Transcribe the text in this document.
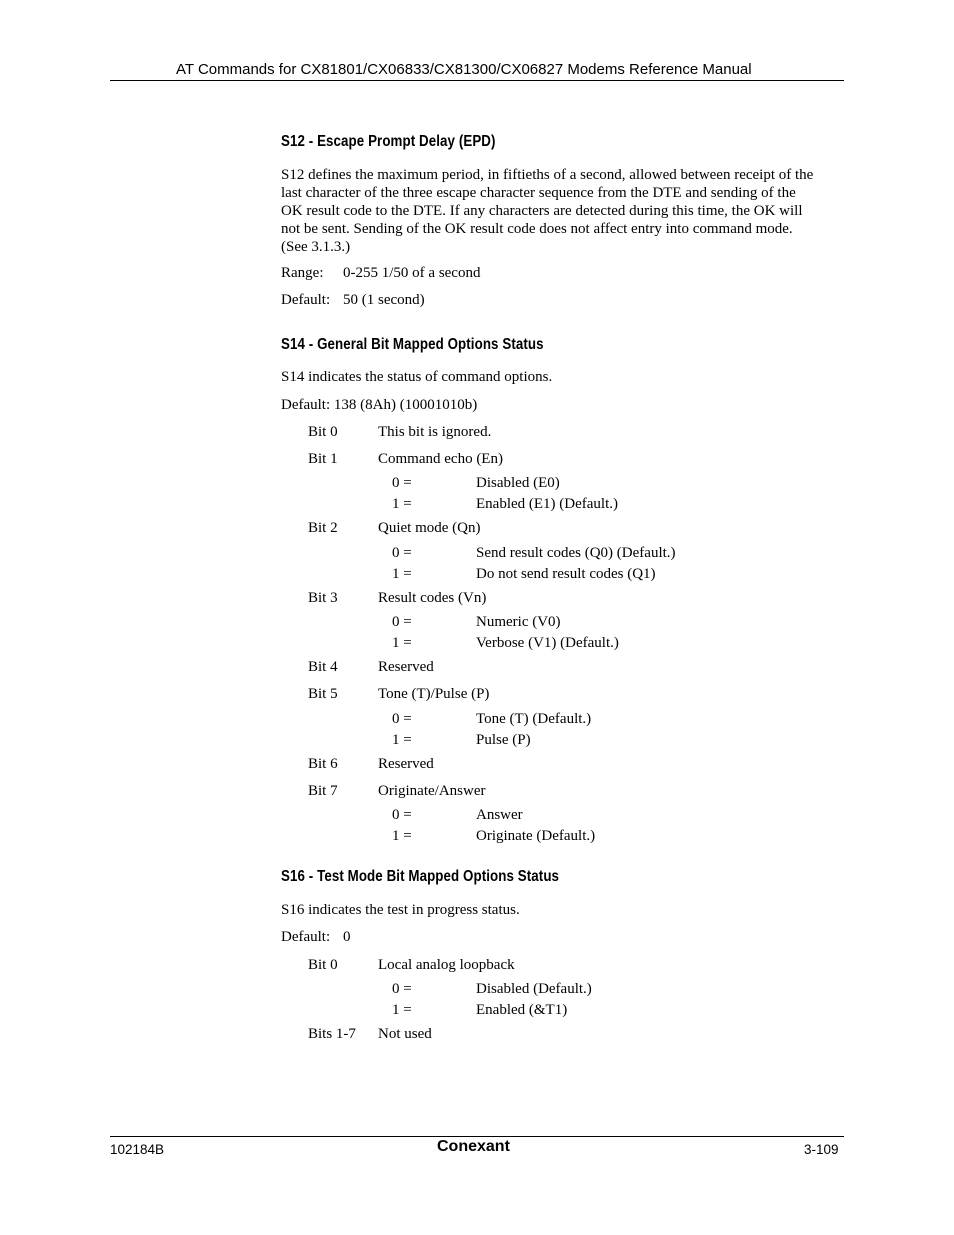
AT Commands for CX81801/CX06833/CX81300/CX06827 Modems Reference Manual
S12 - Escape Prompt Delay (EPD)
S12 defines the maximum period, in fiftieths of a second, allowed between receipt of the
last character of the three escape character sequence from the DTE and sending of the
OK result code to the DTE. If any characters are detected during this time, the OK will
not be sent. Sending of the OK result code does not affect entry into command mode.
(See 3.1.3.)
Range: 0-255 1/50 of a second
Default: 50 (1 second)
S14 - General Bit Mapped Options Status
S14 indicates the status of command options.
Default: 138 (8Ah) (10001010b)
Bit 0	This bit is ignored.
Bit 1	Command echo (En)
0 =	Disabled (E0)
1 =	Enabled (E1) (Default.)
Bit 2	Quiet mode (Qn)
0 =	Send result codes (Q0) (Default.)
1 =	Do not send result codes (Q1)
Bit 3	Result codes (Vn)
0 =	Numeric (V0)
1 =	Verbose (V1) (Default.)
Bit 4	Reserved
Bit 5	Tone (T)/Pulse (P)
0 =	Tone (T) (Default.)
1 =	Pulse (P)
Bit 6	Reserved
Bit 7	Originate/Answer
0 =	Answer
1 =	Originate (Default.)
S16 - Test Mode Bit Mapped Options Status
S16 indicates the test in progress status.
Default: 0
Bit 0	Local analog loopback
0 =	Disabled (Default.)
1 =	Enabled (&T1)
Bits 1-7 Not used
102184B	Conexant	3-109
